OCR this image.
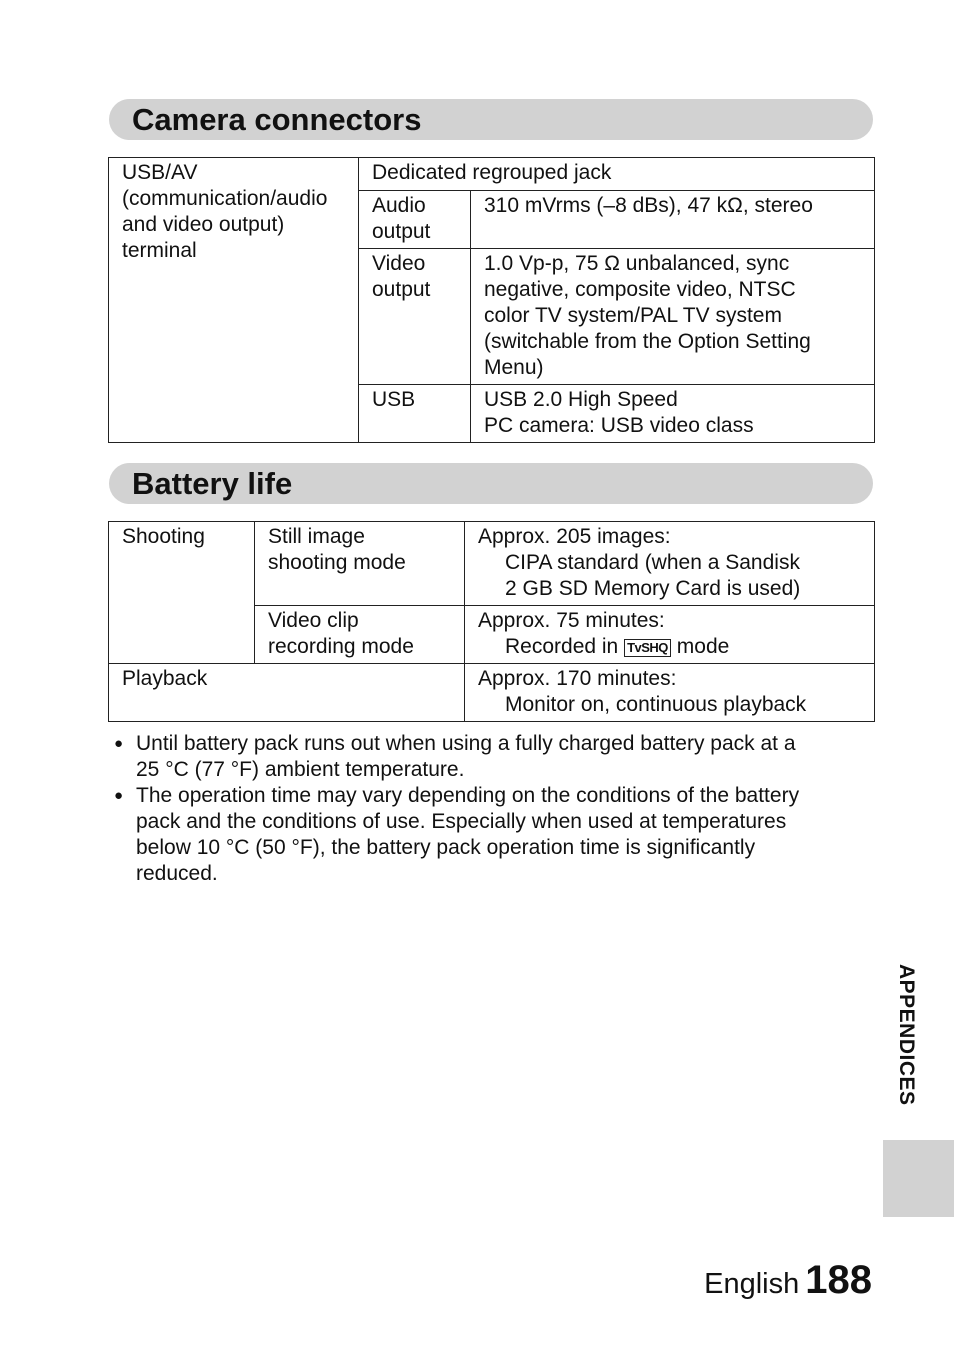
Camera connectors
USB/AV
(communication/audio
and video output)
terminal	Dedicated regrouped jack	

	Audio
output	310 mVrms (–8 dBs), 47 kΩ, stereo

	Video
output	1.0 Vp-p, 75 Ω unbalanced, sync
negative, composite video, NTSC
color TV system/PAL TV system
(switchable from the Option Setting
Menu)

	USB	USB 2.0 High Speed
PC camera: USB video class
Battery life
Shooting	Still image
shooting mode	Approx. 205 images:
CIPA standard (when a Sandisk
2 GB SD Memory Card is used)

	Video clip
recording mode	Approx. 75 minutes:
Recorded in TvSHQ mode

Playback		Approx. 170 minutes:
Monitor on, continuous playback
● Until battery pack runs out when using a fully charged battery pack at a
25 °C (77 °F) ambient temperature.
● The operation time may vary depending on the conditions of the battery
pack and the conditions of use. Especially when used at temperatures
below 10 °C (50 °F), the battery pack operation time is significantly
reduced.
APPENDICES
English 188
